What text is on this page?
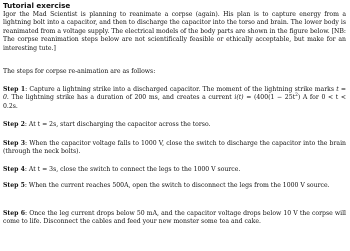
Tutorial exercise

Igor the Mad Scientist is planning to reanimate a corpse (again). His plan is to capture energy from a lightning bolt into a capacitor, and then to discharge the capacitor into the torso and brain. The lower body is reanimated from a voltage supply. The electrical models of the body parts are shown in the figure below. [NB: The corpse reanimation steps below are not scientifically feasible or ethically acceptable, but make for an interesting tute.]

The steps for corpse re-animation are as follows:

Step 1: Capture a lightning strike into a discharged capacitor. The moment of the lightning strike marks t = 0. The lightning strike has a duration of 200 ms, and creates a current $i(t) = (400(1 - 25t^2)$ A for 0 < t < 0.2s.

Step 2: At t = 2s, start discharging the capacitor across the torso.

Step 3: When the capacitor voltage falls to 1000 V, close the switch to discharge the capacitor into the brain (through the neck bolts).

Step 4: At t = 3s, close the switch to connect the legs to the 1000 V source.

Step 5: When the current reaches 500A, open the switch to disconnect the legs from the 1000 V source.

Step 6: Once the leg current drops below 50 mA, and the capacitor voltage drops below 10 V the corpse will come to life. Disconnect the cables and feed your new monster some tea and cake.
